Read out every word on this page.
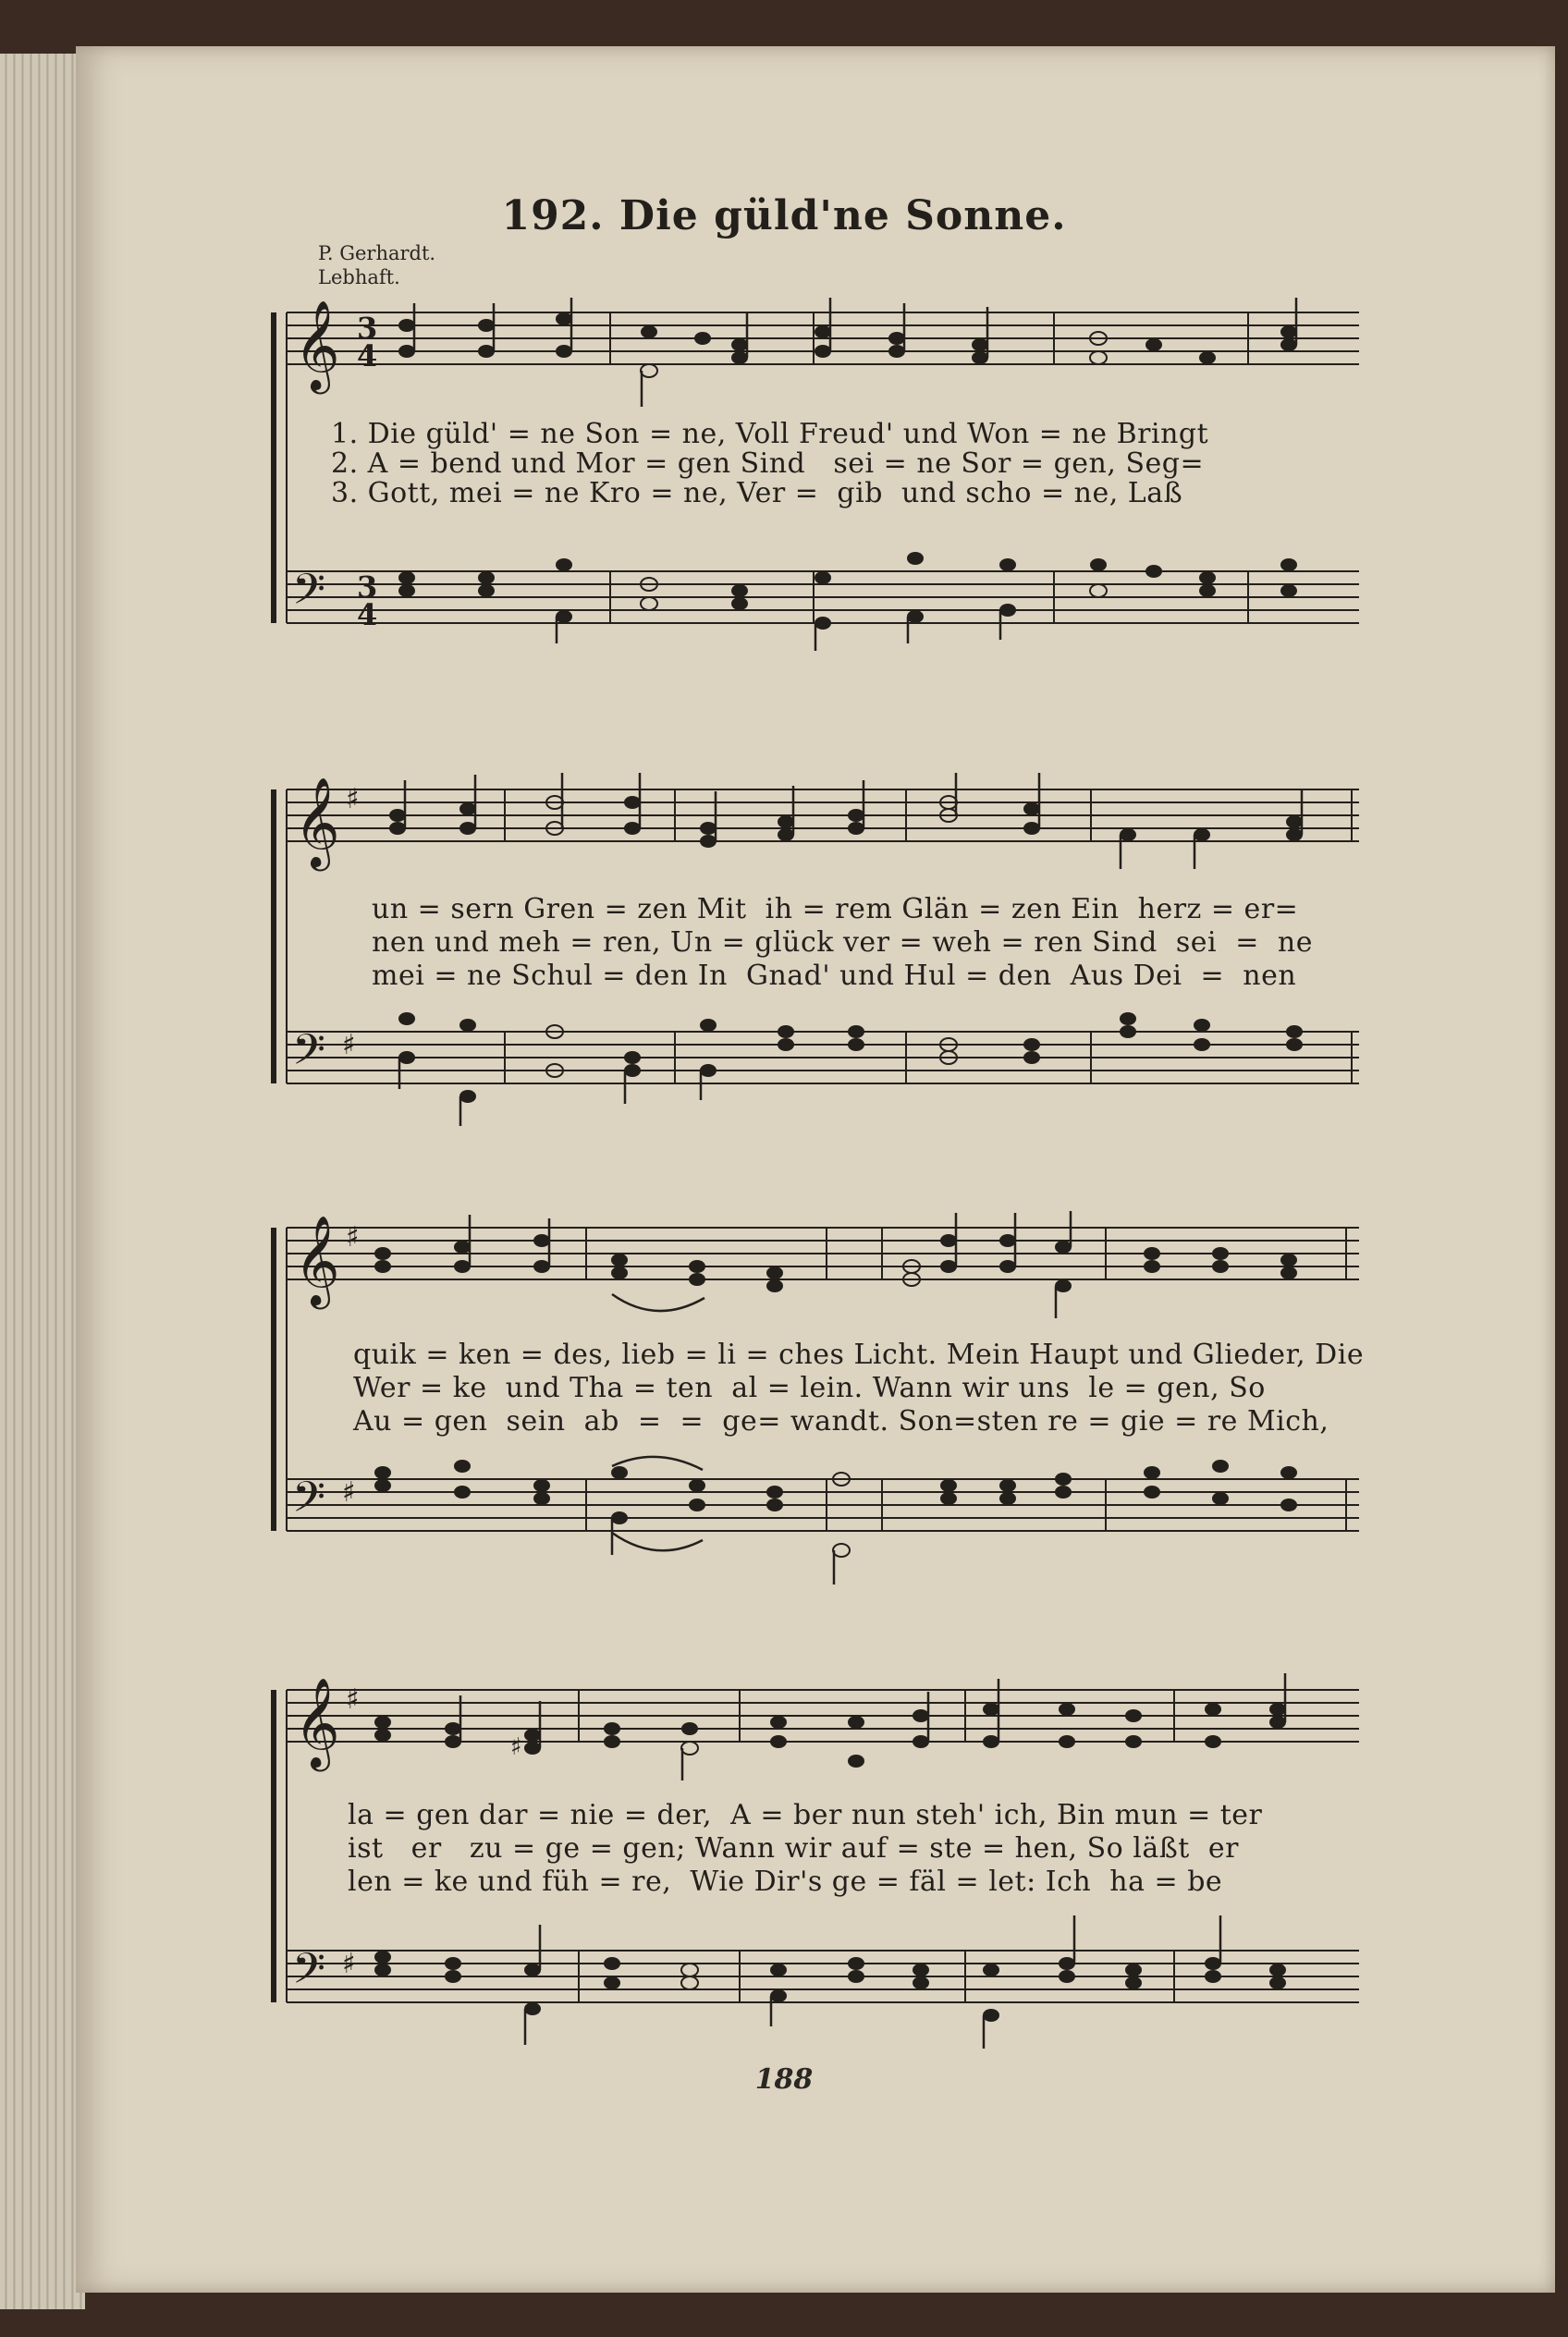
192. Die güld'ne Sonne.
P. Gerhardt.
Lebhaft.
𝄞 3
4
1. Die güld' = ne Son = ne, Voll Freud' und Won = ne Bringt
2. A = bend und Mor = gen Sind   sei = ne Sor = gen, Seg=
3. Gott, mei = ne Kro = ne, Ver =  gib  und scho = ne, Laß
𝄢 3
4
𝄞 ♯
un = sern Gren = zen Mit  ih = rem Glän = zen Ein  herz = er=
nen und meh = ren, Un = glück ver = weh = ren Sind  sei  =  ne
mei = ne Schul = den In  Gnad' und Hul = den  Aus Dei  =  nen
𝄢 ♯
𝄞 ♯
quik = ken = des, lieb = li = ches Licht. Mein Haupt und Glieder, Die
Wer = ke  und Tha = ten  al = lein. Wann wir uns  le = gen, So
Au = gen  sein  ab  =  =  ge= wandt. Son=sten re = gie = re Mich,
𝄢 ♯
𝄞 ♯
♯
la = gen dar = nie = der,  A = ber nun steh' ich, Bin mun = ter
ist   er   zu = ge = gen; Wann wir auf = ste = hen, So läßt  er
len = ke und füh = re,  Wie Dir's ge = fäl = let: Ich  ha = be
𝄢 ♯
188
